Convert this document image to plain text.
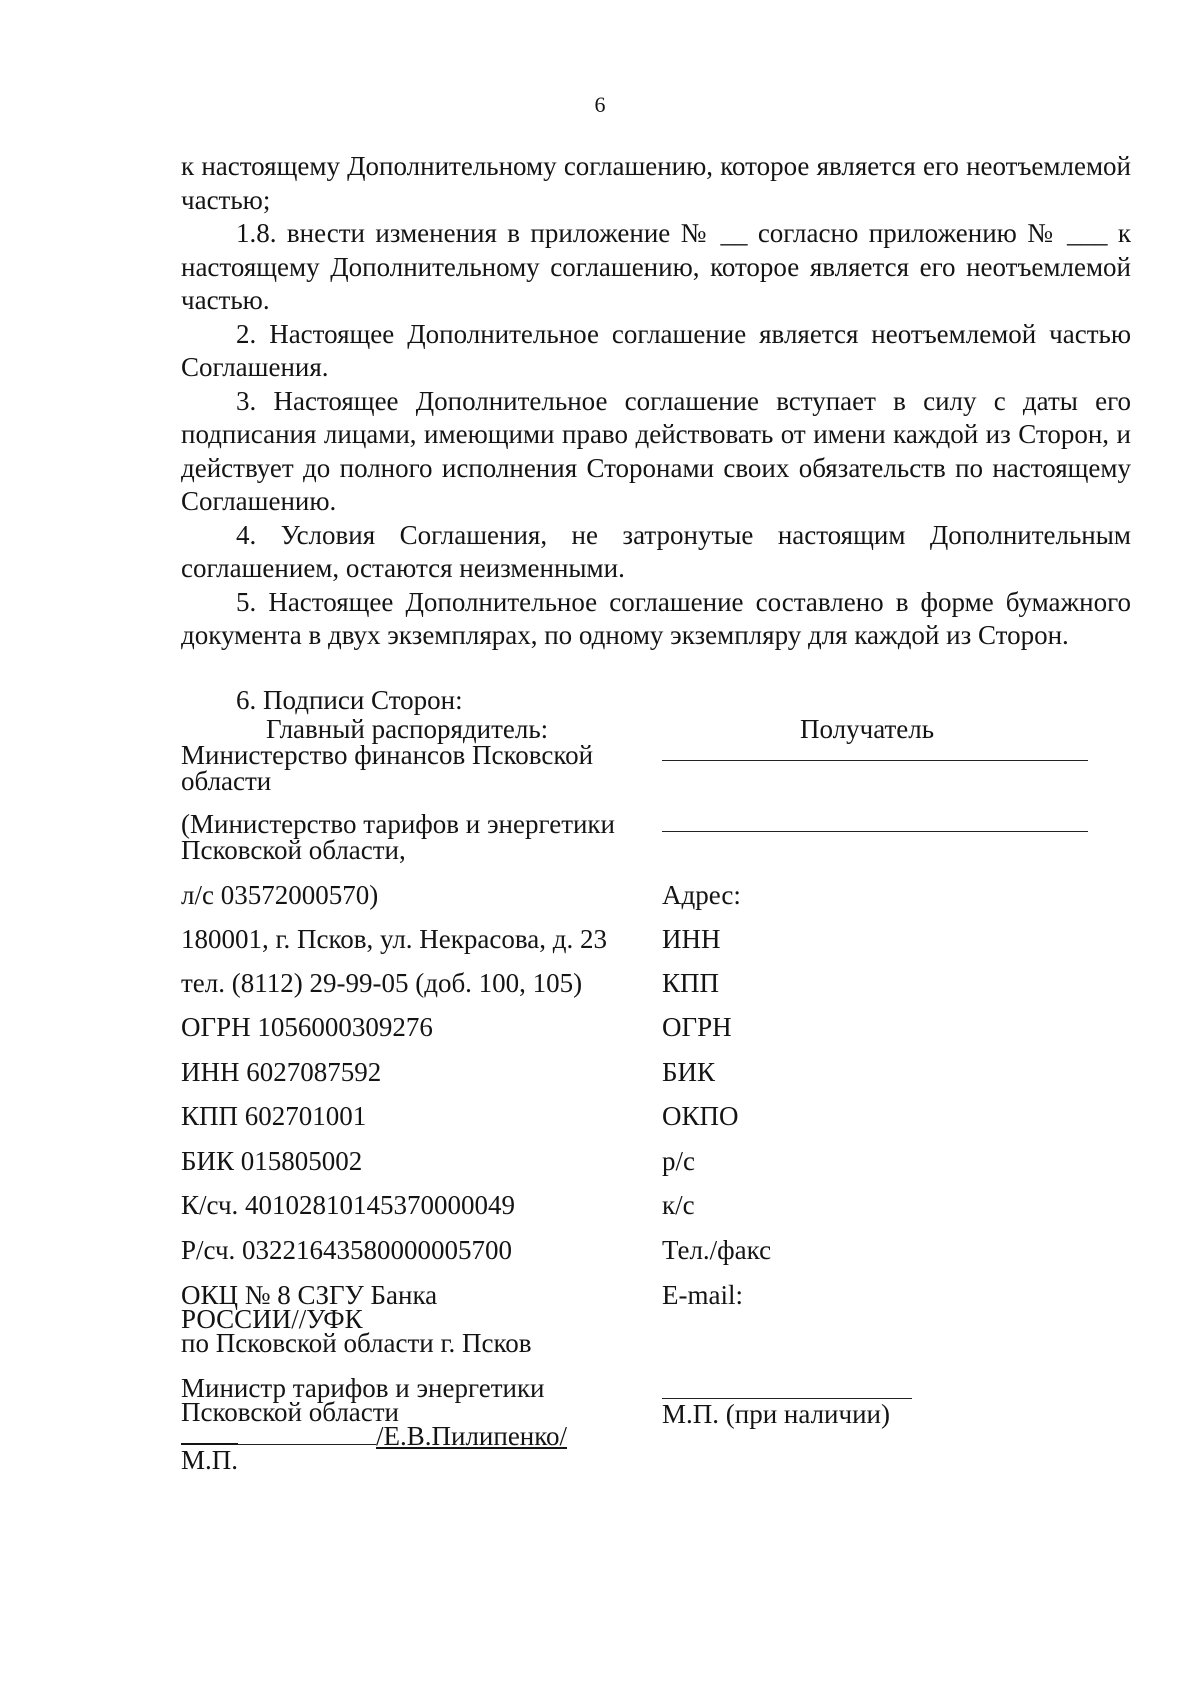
6

к настоящему Дополнительному соглашению, которое является его неотъемлемой частью;

1.8. внести изменения в приложение № __ согласно приложению № ___ к настоящему Дополнительному соглашению, которое является его неотъемлемой частью.

2. Настоящее Дополнительное соглашение является неотъемлемой частью Соглашения.

3. Настоящее Дополнительное соглашение вступает в силу с даты его подписания лицами, имеющими право действовать от имени каждой из Сторон, и действует до полного исполнения Сторонами своих обязательств по настоящему Соглашению.

4. Условия Соглашения, не затронутые настоящим Дополнительным соглашением, остаются неизменными.

5. Настоящее Дополнительное соглашение составлено в форме бумажного документа в двух экземплярах, по одному экземпляру для каждой из Сторон.

6. Подписи Сторон:
Главный распорядитель:
Министерство финансов Псковской
области
(Министерство тарифов и энергетики
Псковской области,
Получатель
л/с 03572000570)
180001, г. Псков, ул. Некрасова, д. 23
тел. (8112) 29-99-05 (доб. 100, 105)
ОГРН 1056000309276
ИНН 6027087592
КПП 602701001
БИК 015805002
К/сч. 40102810145370000049
Р/сч. 03221643580000005700
Адрес:
ИНН
КПП
ОГРН
БИК
ОКПО
р/с
к/с
Тел./факс
E-mail:
ОКЦ № 8 СЗГУ Банка
РОССИИ//УФК
по Псковской области г. Псков
Министр тарифов и энергетики
Псковской области
/Е.В.Пилипенко/
М.П.
М.П. (при наличии)
